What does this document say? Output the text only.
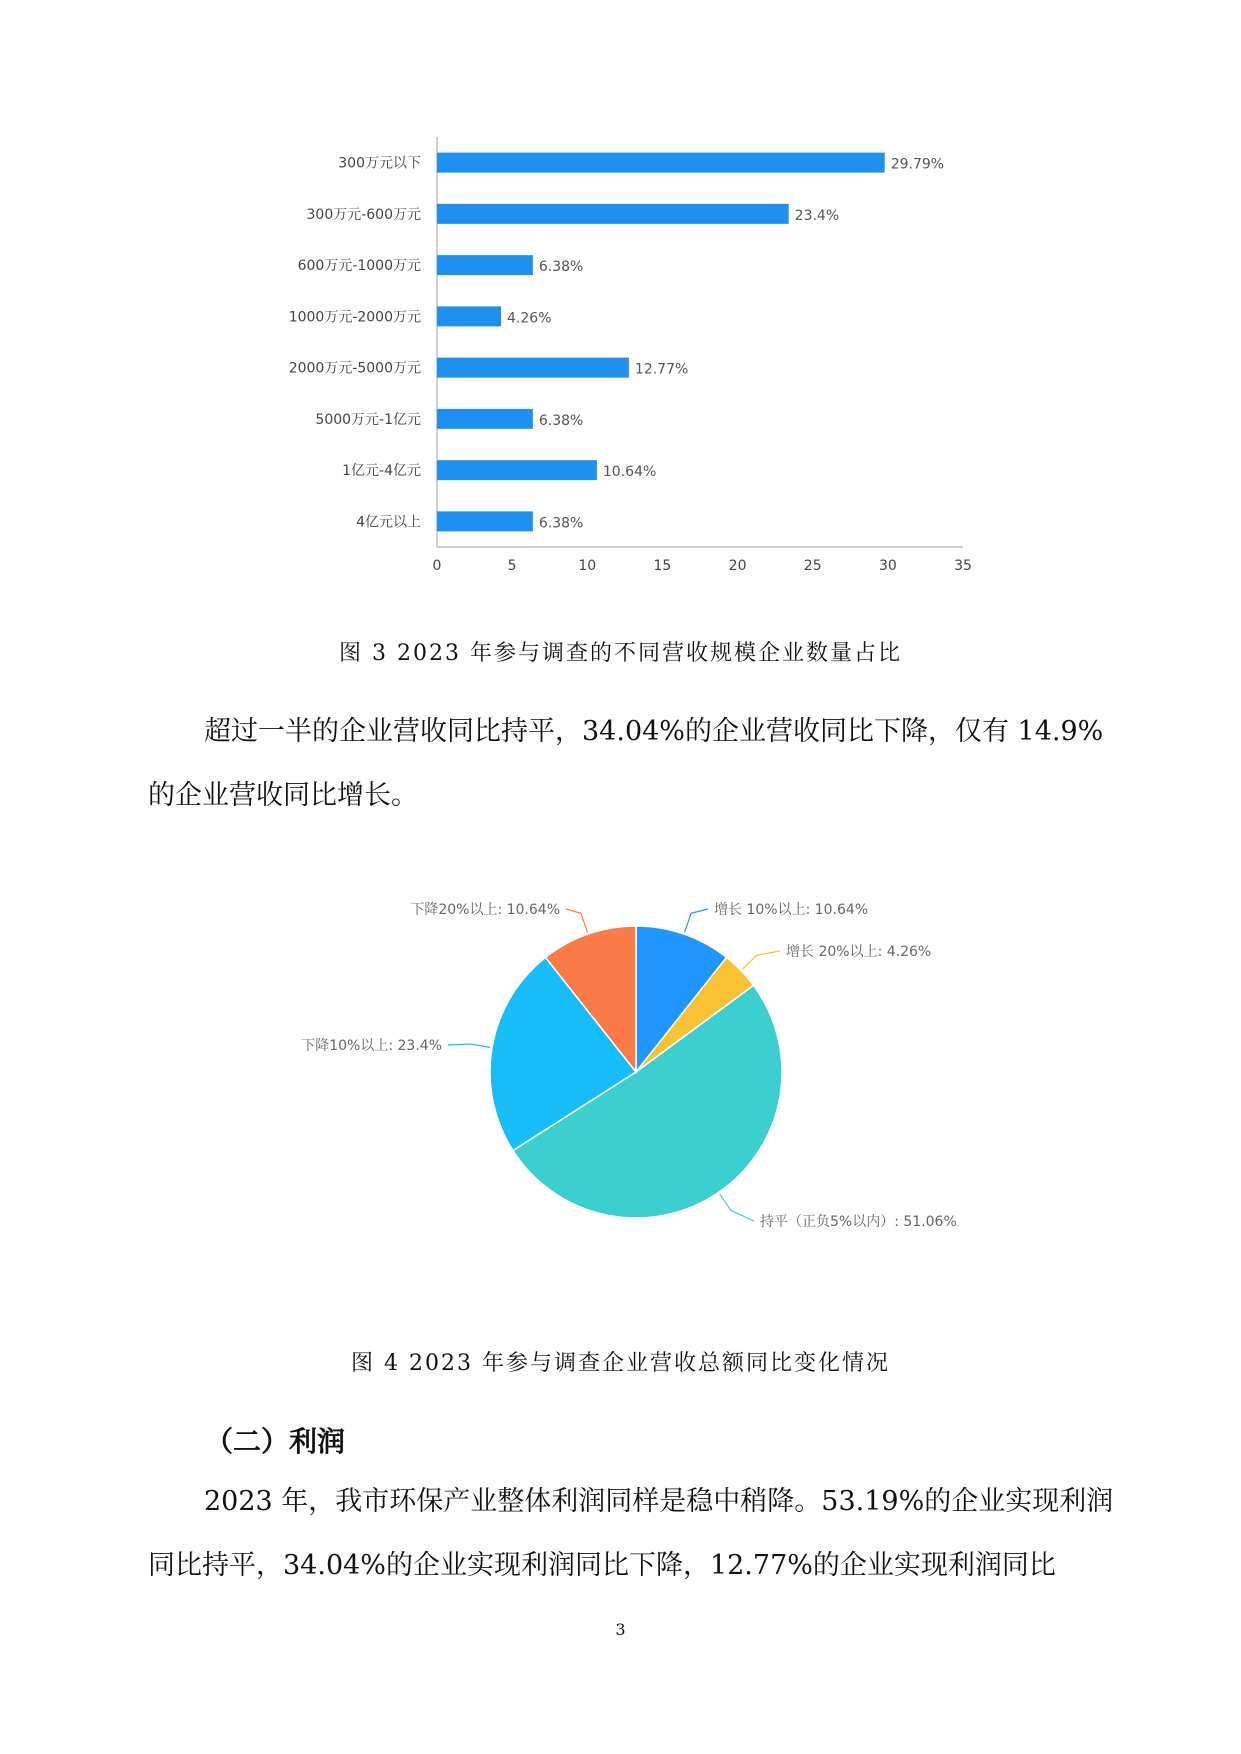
300万元以下	29.79%
300万元-600万元	23.4%
600万元-1000万元	6.38%
1000万元-2000万元	4.26%
2000万元-5000万元	12.77%
5000万元-1亿元	6.38%
1亿元-4亿元	10.64%
4亿元以上	6.38%
0	5	10	15	20	25	30	35
图 3 2023 年参与调查的不同营收规模企业数量占比
超过一半的企业营收同比持平，34.04%的企业营收同比下降，仅有 14.9%的企业营收同比增长。
增长 10%以上: 10.64%
增长 20%以上: 4.26%
持平（正负5%以内）: 51.06%
下降10%以上: 23.4%
下降20%以上: 10.64%
图 4 2023 年参与调查企业营收总额同比变化情况
（二）利润
2023 年，我市环保产业整体利润同样是稳中稍降。53.19%的企业实现利润同比持平，34.04%的企业实现利润同比下降，12.77%的企业实现利润同比
3
